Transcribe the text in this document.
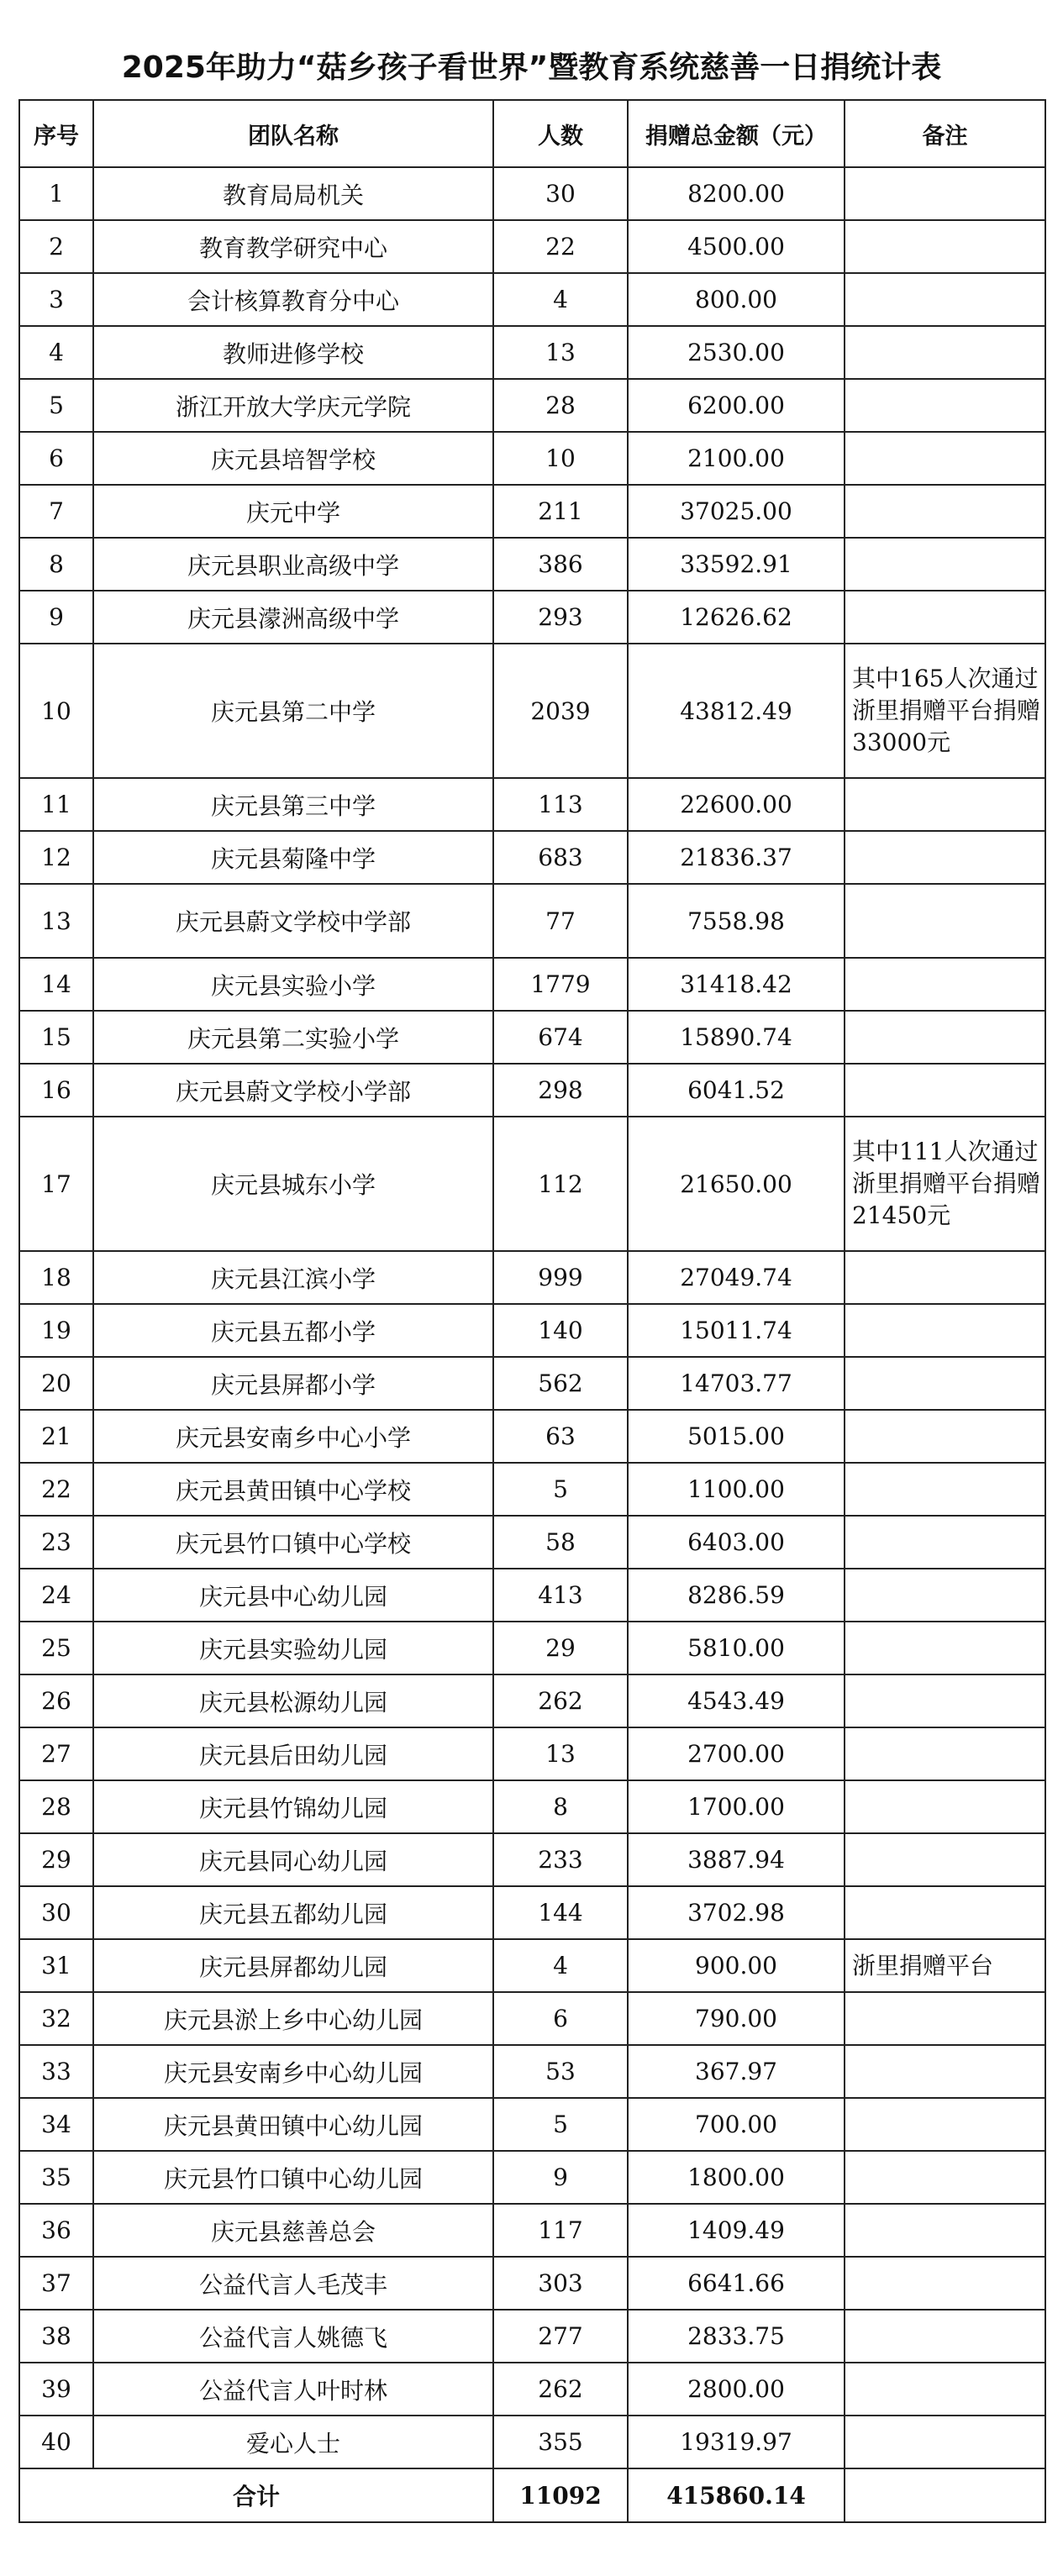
2025年助力“菇乡孩子看世界”暨教育系统慈善一日捐统计表
序号	团队名称	人数	捐赠总金额（元）	备注
1	教育局局机关	30	8200.00	
2	教育教学研究中心	22	4500.00	
3	会计核算教育分中心	4	800.00	
4	教师进修学校	13	2530.00	
5	浙江开放大学庆元学院	28	6200.00	
6	庆元县培智学校	10	2100.00	
7	庆元中学	211	37025.00	
8	庆元县职业高级中学	386	33592.91	
9	庆元县濛洲高级中学	293	12626.62	
10	庆元县第二中学	2039	43812.49	其中165人次通过浙里捐赠平台捐赠33000元
11	庆元县第三中学	113	22600.00	
12	庆元县菊隆中学	683	21836.37	
13	庆元县蔚文学校中学部	77	7558.98	
14	庆元县实验小学	1779	31418.42	
15	庆元县第二实验小学	674	15890.74	
16	庆元县蔚文学校小学部	298	6041.52	
17	庆元县城东小学	112	21650.00	其中111人次通过浙里捐赠平台捐赠21450元
18	庆元县江滨小学	999	27049.74	
19	庆元县五都小学	140	15011.74	
20	庆元县屏都小学	562	14703.77	
21	庆元县安南乡中心小学	63	5015.00	
22	庆元县黄田镇中心学校	5	1100.00	
23	庆元县竹口镇中心学校	58	6403.00	
24	庆元县中心幼儿园	413	8286.59	
25	庆元县实验幼儿园	29	5810.00	
26	庆元县松源幼儿园	262	4543.49	
27	庆元县后田幼儿园	13	2700.00	
28	庆元县竹锦幼儿园	8	1700.00	
29	庆元县同心幼儿园	233	3887.94	
30	庆元县五都幼儿园	144	3702.98	
31	庆元县屏都幼儿园	4	900.00	浙里捐赠平台
32	庆元县淤上乡中心幼儿园	6	790.00	
33	庆元县安南乡中心幼儿园	53	367.97	
34	庆元县黄田镇中心幼儿园	5	700.00	
35	庆元县竹口镇中心幼儿园	9	1800.00	
36	庆元县慈善总会	117	1409.49	
37	公益代言人毛茂丰	303	6641.66	
38	公益代言人姚德飞	277	2833.75	
39	公益代言人叶时林	262	2800.00	
40	爱心人士	355	19319.97	
合计		11092	415860.14	
